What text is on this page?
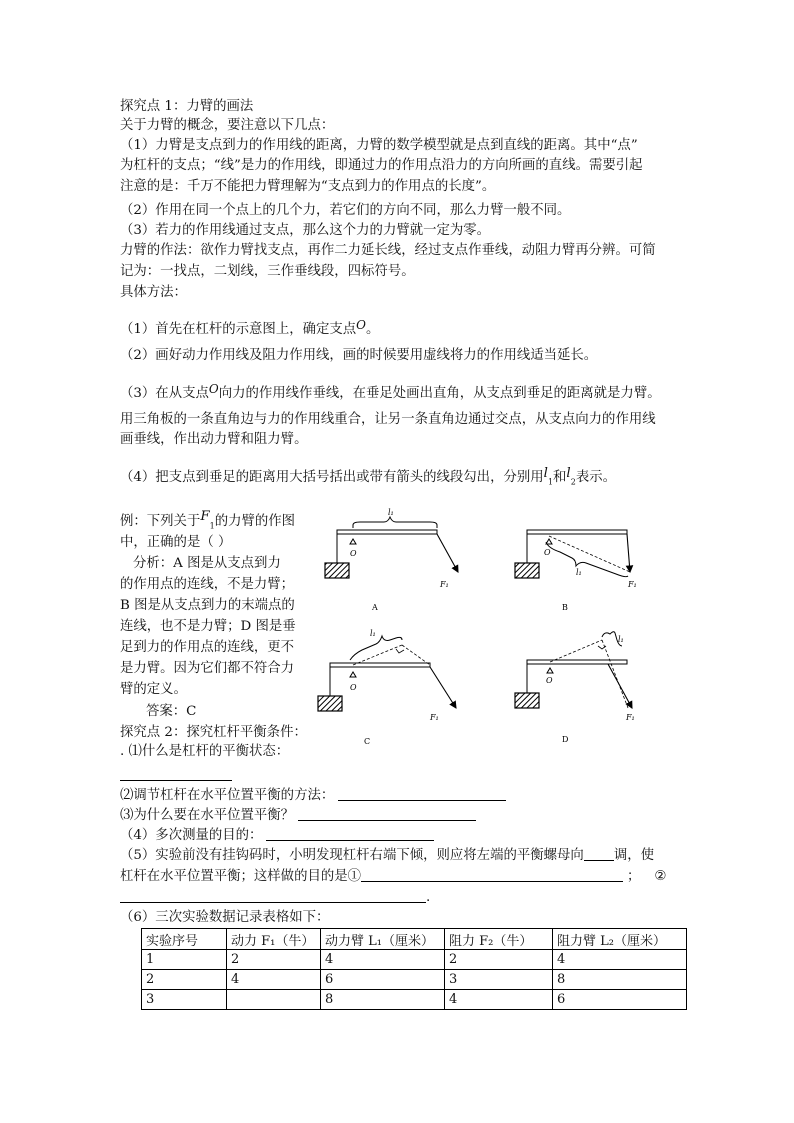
探究点 1：力臂的画法
关于力臂的概念，要注意以下几点：
（1）力臂是支点到力的作用线的距离，力臂的数学模型就是点到直线的距离。其中“点”
为杠杆的支点；“线”是力的作用线，即通过力的作用点沿力的方向所画的直线。需要引起
注意的是：千万不能把力臂理解为“支点到力的作用点的长度”。
（2）作用在同一个点上的几个力，若它们的方向不同，那么力臂一般不同。
（3）若力的作用线通过支点，那么这个力的力臂就一定为零。
力臂的作法：欲作力臂找支点，再作二力延长线，经过支点作垂线，动阻力臂再分辨。可简
记为：一找点，二划线，三作垂线段，四标符号。
具体方法：
（1）首先在杠杆的示意图上，确定支点O。
（2）画好动力作用线及阻力作用线，画的时候要用虚线将力的作用线适当延长。
（3）在从支点O向力的作用线作垂线，在垂足处画出直角，从支点到垂足的距离就是力臂。
用三角板的一条直角边与力的作用线重合，让另一条直角边通过交点，从支点向力的作用线
画垂线，作出动力臂和阻力臂。
（4）把支点到垂足的距离用大括号括出或带有箭头的线段勾出，分别用$l_1$和$l_2$表示。
例：下列关于$F_1$的力臂的作图
中，正确的是（ ）
分析：A 图是从支点到力
的作用点的连线，不是力臂；
B 图是从支点到力的末端点的
连线，也不是力臂；D 图是垂
足到力的作用点的连线，更不
是力臂。因为它们都不符合力
臂的定义。
答案：C
探究点 2：探究杠杆平衡条件：
. ⑴什么是杠杆的平衡状态：
O
l₁
F₁
A
O
l₁
F₁
B
O
l₁
F₁
C
O
l₁
F₁
D
⑵调节杠杆在水平位置平衡的方法：
⑶为什么要在水平位置平衡？
（4）多次测量的目的：
（5）实验前没有挂钩码时，小明发现杠杆右端下倾，则应将左端的平衡螺母向 调，使
杠杆在水平位置平衡；这样做的目的是①	； ②
.
（6）三次实验数据记录表格如下：
实验序号	动力 F₁（牛）	动力臂 L₁（厘米）	阻力 F₂（牛）	阻力臂 L₂（厘米）
1	2	4	2	4
2	4	6	3	8
3		8	4	6
